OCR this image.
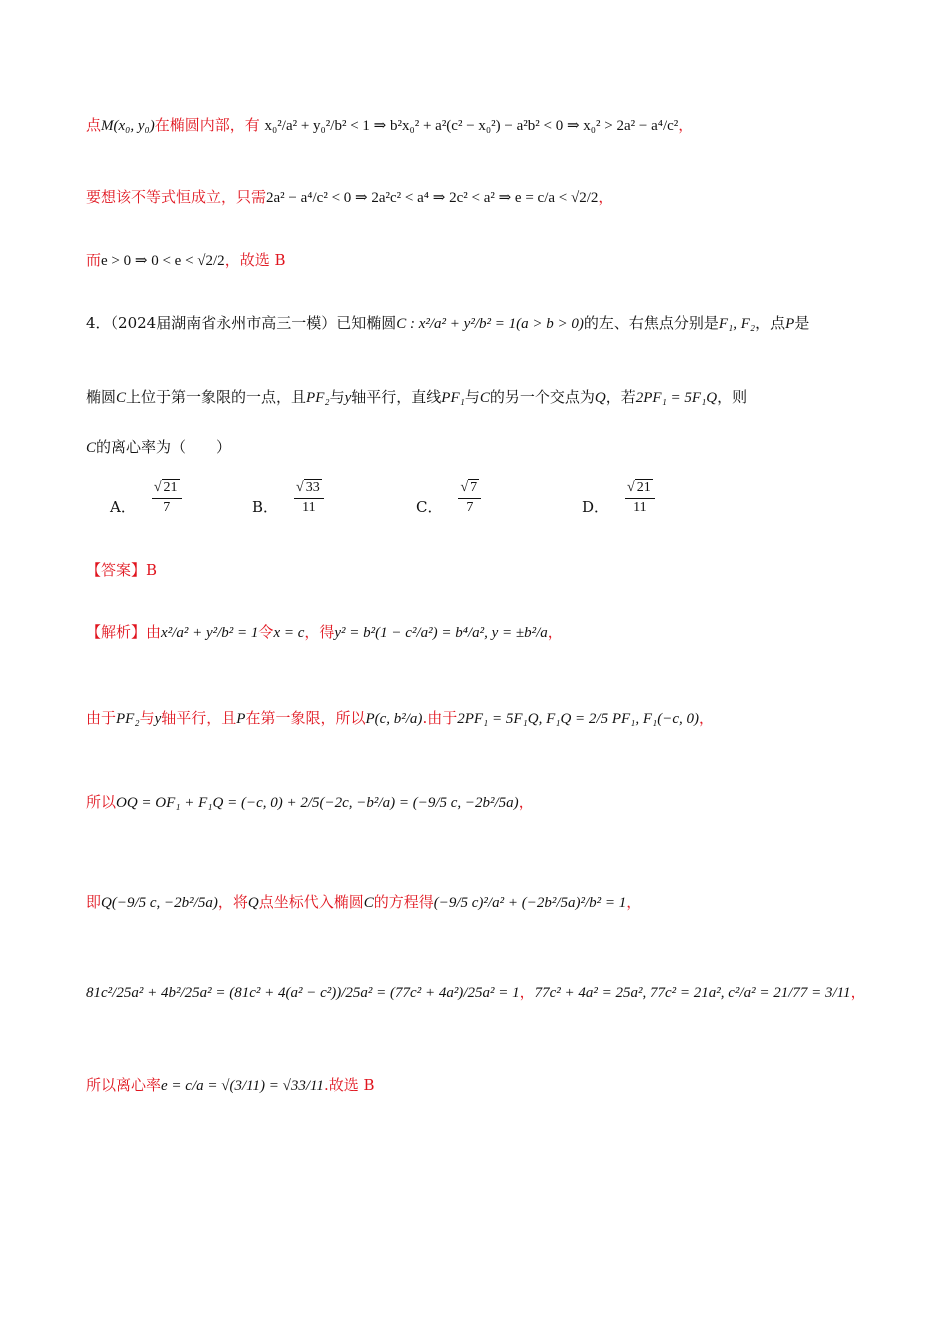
点M(x₀, y₀)在椭圆内部，有 x₀²/a² + y₀²/b² < 1 ⇒ b²x₀² + a²(c² − x₀²) − a²b² < 0 ⇒ x₀² > 2a² − a⁴/c²，
要想该不等式恒成立，只需2a² − a⁴/c² < 0 ⇒ 2a²c² < a⁴ ⇒ 2c² < a² ⇒ e = c/a < √2/2，
而e > 0 ⇒ 0 < e < √2/2，故选 B
4．（2024届湖南省永州市高三一模）已知椭圆C : x²/a² + y²/b² = 1(a > b > 0)的左、右焦点分别是F₁, F₂，点P是
椭圆C上位于第一象限的一点，且PF₂与y轴平行，直线PF₁与C的另一个交点为Q，若2PF₁ = 5F₁Q，则
C的离心率为（　　）
A． $\frac{√ 21}{7}$	B． $\frac{√ 33}{11}$	C． $\frac{√ 7}{7}$	D． $\frac{√ 21}{11}$
【答案】B
【解析】由x²/a² + y²/b² = 1令x = c，得y² = b²(1 − c²/a²) = b⁴/a², y = ±b²/a，
由于PF₂与y轴平行，且P在第一象限，所以P(c, b²/a).由于2PF₁ = 5F₁Q, F₁Q = 2/5 PF₁, F₁(−c, 0)，
所以OQ = OF₁ + F₁Q = (−c, 0) + 2/5(−2c, −b²/a) = (−9/5 c, −2b²/5a)，
即Q(−9/5 c, −2b²/5a)，将Q点坐标代入椭圆C的方程得(−9/5 c)²/a² + (−2b²/5a)²/b² = 1，
81c²/25a² + 4b²/25a² = (81c² + 4(a² − c²))/25a² = (77c² + 4a²)/25a² = 1，77c² + 4a² = 25a², 77c² = 21a², c²/a² = 21/77 = 3/11，
所以离心率e = c/a = √(3/11) = √33/11.故选 B
